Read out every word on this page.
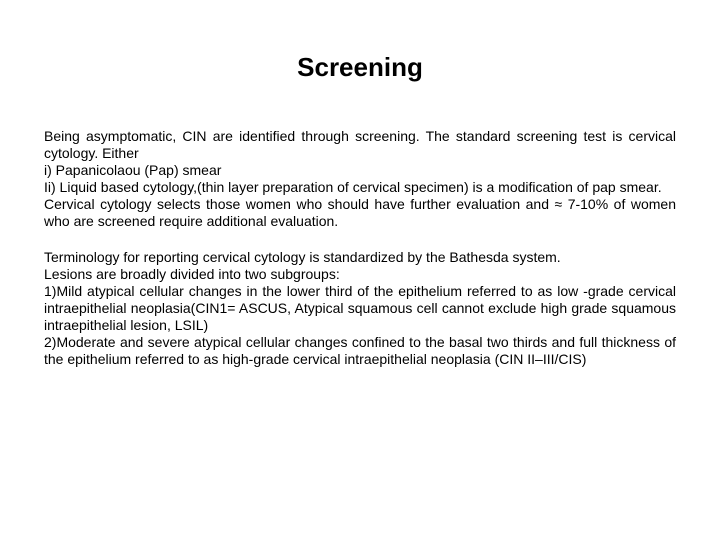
Screening
Being asymptomatic, CIN are identified through screening. The standard screening test is cervical cytology. Either
i) Papanicolaou (Pap) smear
Ii) Liquid based cytology,(thin layer preparation of cervical specimen) is a modification of pap smear.
Cervical cytology selects those women who should have further evaluation and ≈ 7-10% of women who are screened require additional evaluation.
Terminology for reporting cervical cytology is standardized by the Bathesda system.
Lesions are broadly divided into two subgroups:
1)Mild atypical cellular changes in the lower third of the epithelium referred to as low -grade cervical intraepithelial neoplasia(CIN1= ASCUS, Atypical squamous cell cannot exclude high grade squamous intraepithelial lesion, LSIL)
2)Moderate and severe atypical cellular changes confined to the basal two thirds and full thickness of the epithelium referred to as high-grade cervical intraepithelial neoplasia (CIN II–III/CIS)
